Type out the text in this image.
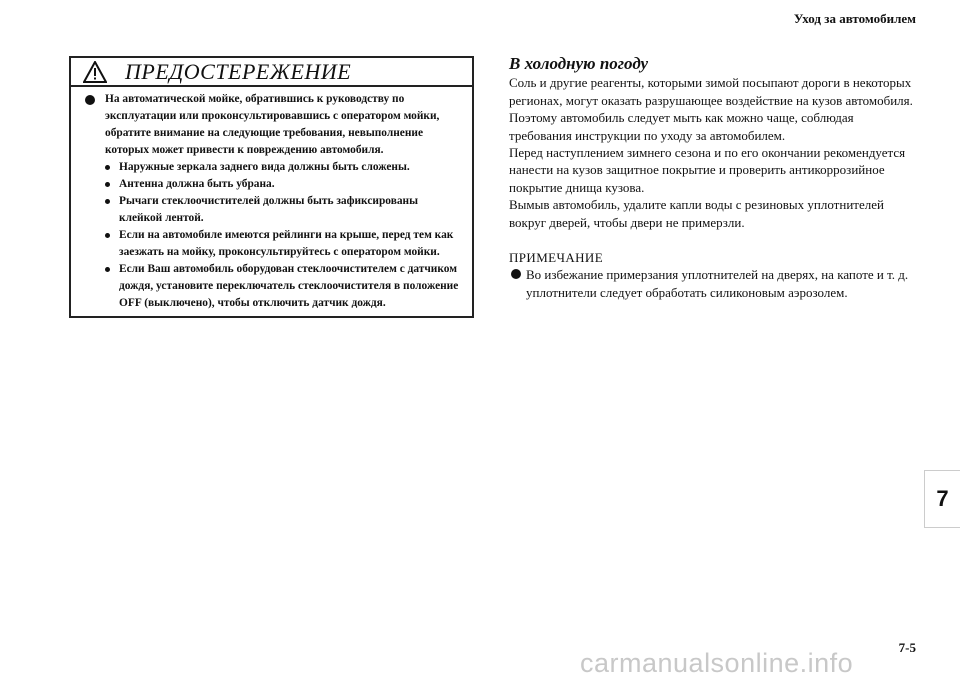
Уход за автомобилем
ПРЕДОСТЕРЕЖЕНИЕ
На автоматической мойке, обратившись к руководству по эксплуатации или проконсультировавшись с оператором мойки, обратите внимание на следующие требования, невыполнение которых может привести к повреждению автомобиля.
Наружные зеркала заднего вида должны быть сложены.
Антенна должна быть убрана.
Рычаги стеклоочистителей должны быть зафиксированы клейкой лентой.
Если на автомобиле имеются рейлинги на крыше, перед тем как заезжать на мойку, проконсультируйтесь с оператором мойки.
Если Ваш автомобиль оборудован стеклоочистителем с датчиком дождя, установите переключатель стеклоочистителя в положение OFF (выключено), чтобы отключить датчик дождя.
В холодную погоду

Соль и другие реагенты, которыми зимой посыпают дороги в некоторых регионах, могут оказать разрушающее воздействие на кузов автомобиля. Поэтому автомобиль следует мыть как можно чаще, соблюдая требования инструкции по уходу за автомобилем.

Перед наступлением зимнего сезона и по его окончании рекомендуется нанести на кузов защитное покрытие и проверить антикоррозийное покрытие днища кузова.

Вымыв автомобиль, удалите капли воды с резиновых уплотнителей вокруг дверей, чтобы двери не примерзли.

ПРИМЕЧАНИЕ
Во избежание примерзания уплотнителей на дверях, на капоте и т. д. уплотнители следует обработать силиконовым аэрозолем.
7
7-5
carmanualsonline.info
